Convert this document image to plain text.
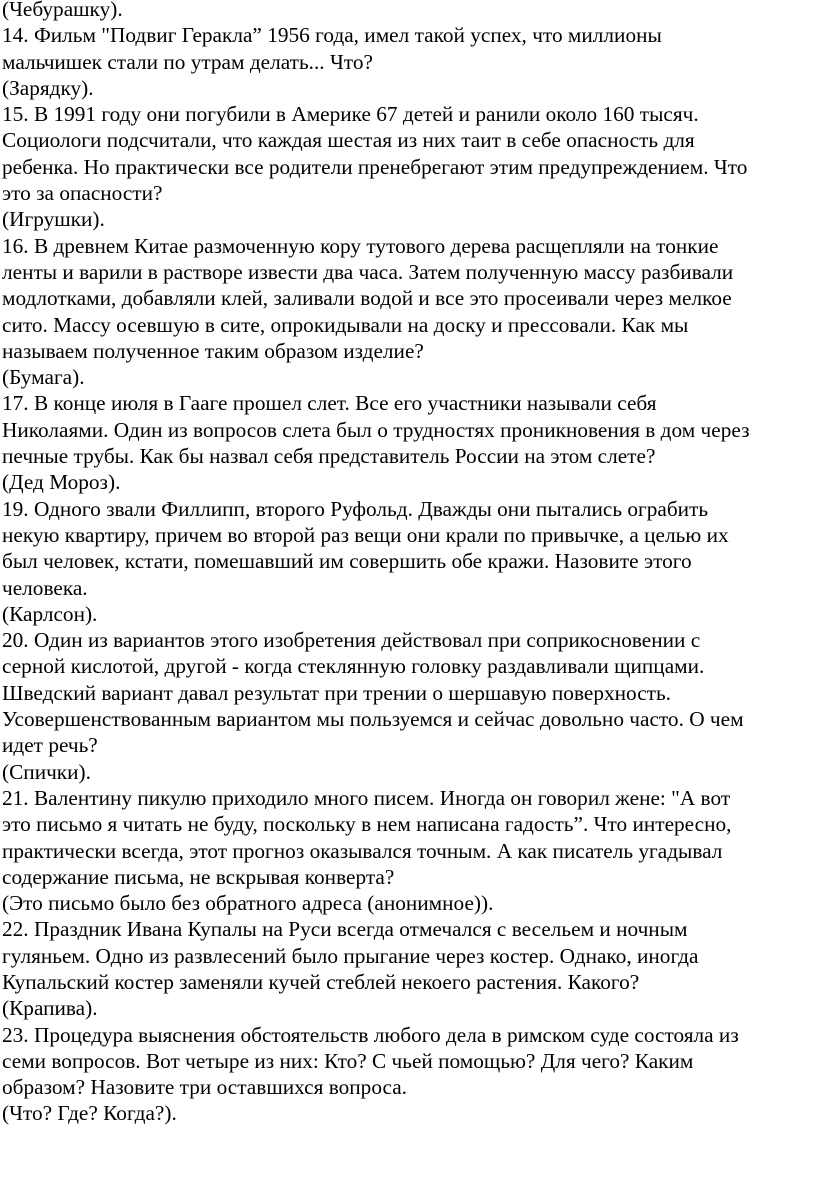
(Чебурашку).
14. Фильм "Подвиг Геракла” 1956 года, имел такой успех, что миллионы
мальчишек стали по утрам делать... Что?
(Зарядку).
15. В 1991 году они погубили в Америке 67 детей и ранили около 160 тысяч.
Социологи подсчитали, что каждая шестая из них таит в себе опасность для
ребенка. Но практически все родители пренебрегают этим предупреждением. Что
это за опасности?
(Игрушки).
16. В древнем Китае размоченную кору тутового дерева расщепляли на тонкие
ленты и варили в растворе извести два часа. Затем полученную массу разбивали
модлотками, добавляли клей, заливали водой и все это просеивали через мелкое
сито. Массу осевшую в сите, опрокидывали на доску и прессовали. Как мы
называем полученное таким образом изделие?
(Бумага).
17. В конце июля в Гааге прошел слет. Все его участники называли себя
Николаями. Один из вопросов слета был о трудностях проникновения в дом через
печные трубы. Как бы назвал себя представитель России на этом слете?
(Дед Мороз).
19. Одного звали Филлипп, второго Руфольд. Дважды они пытались ограбить
некую квартиру, причем во второй раз вещи они крали по привычке, а целью их
был человек, кстати, помешавший им совершить обе кражи. Назовите этого
человека.
(Карлсон).
20. Один из вариантов этого изобретения действовал при соприкосновении с
серной кислотой, другой - когда стеклянную головку раздавливали щипцами.
Шведский вариант давал результат при трении о шершавую поверхность.
Усовершенствованным вариантом мы пользуемся и сейчас довольно часто. О чем
идет речь?
(Спички).
21. Валентину пикулю приходило много писем. Иногда он говорил жене: "А вот
это письмо я читать не буду, поскольку в нем написана гадость”. Что интересно,
практически всегда, этот прогноз оказывался точным. А как писатель угадывал
содержание письма, не вскрывая конверта?
(Это письмо было без обратного адреса (анонимное)).
22. Праздник Ивана Купалы на Руси всегда отмечался с весельем и ночным
гуляньем. Одно из развлесений было прыгание через костер. Однако, иногда
Купальский костер заменяли кучей стеблей некоего растения. Какого?
(Крапива).
23. Процедура выяснения обстоятельств любого дела в римском суде состояла из
семи вопросов. Вот четыре из них: Кто? С чьей помощью? Для чего? Каким
образом? Назовите три оставшихся вопроса.
(Что? Где? Когда?).
